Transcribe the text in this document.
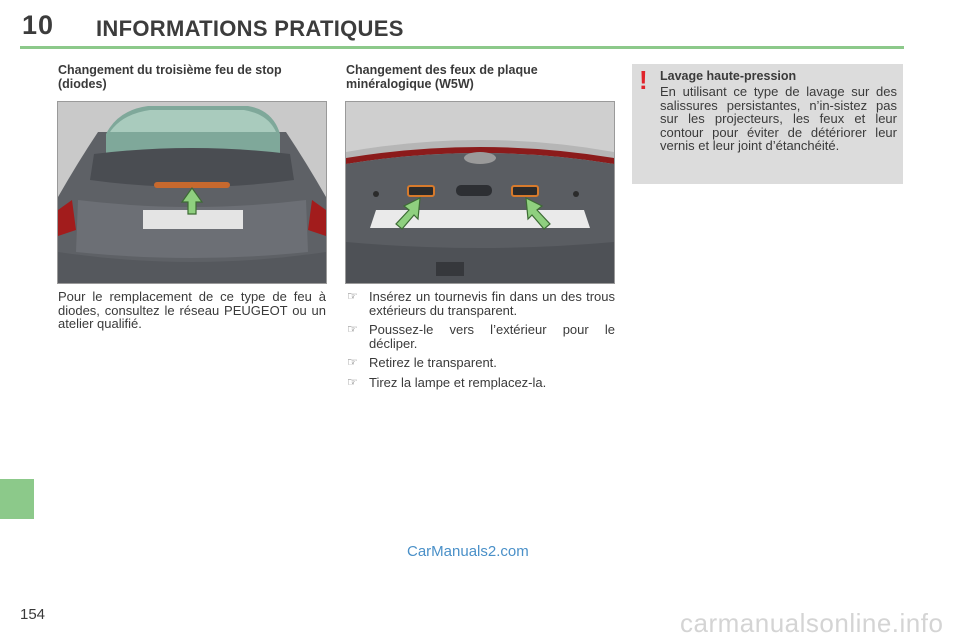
10 INFORMATIONS PRATIQUES
Changement du troisième feu de stop (diodes)
Pour le remplacement de ce type de feu à diodes, consultez le réseau PEUGEOT ou un atelier qualifié.
Changement des feux de plaque minéralogique (W5W)
☞ Insérez un tournevis fin dans un des trous extérieurs du transparent.
☞ Poussez-le vers l’extérieur pour le décliper.
☞ Retirez le transparent.
☞ Tirez la lampe et remplacez-la.
! Lavage haute-pression
En utilisant ce type de lavage sur des salissures persistantes, n’in-sistez pas sur les projecteurs, les feux et leur contour pour éviter de détériorer leur vernis et leur joint d’étanchéité.
CarManuals2.com
154	carmanualsonline.info
